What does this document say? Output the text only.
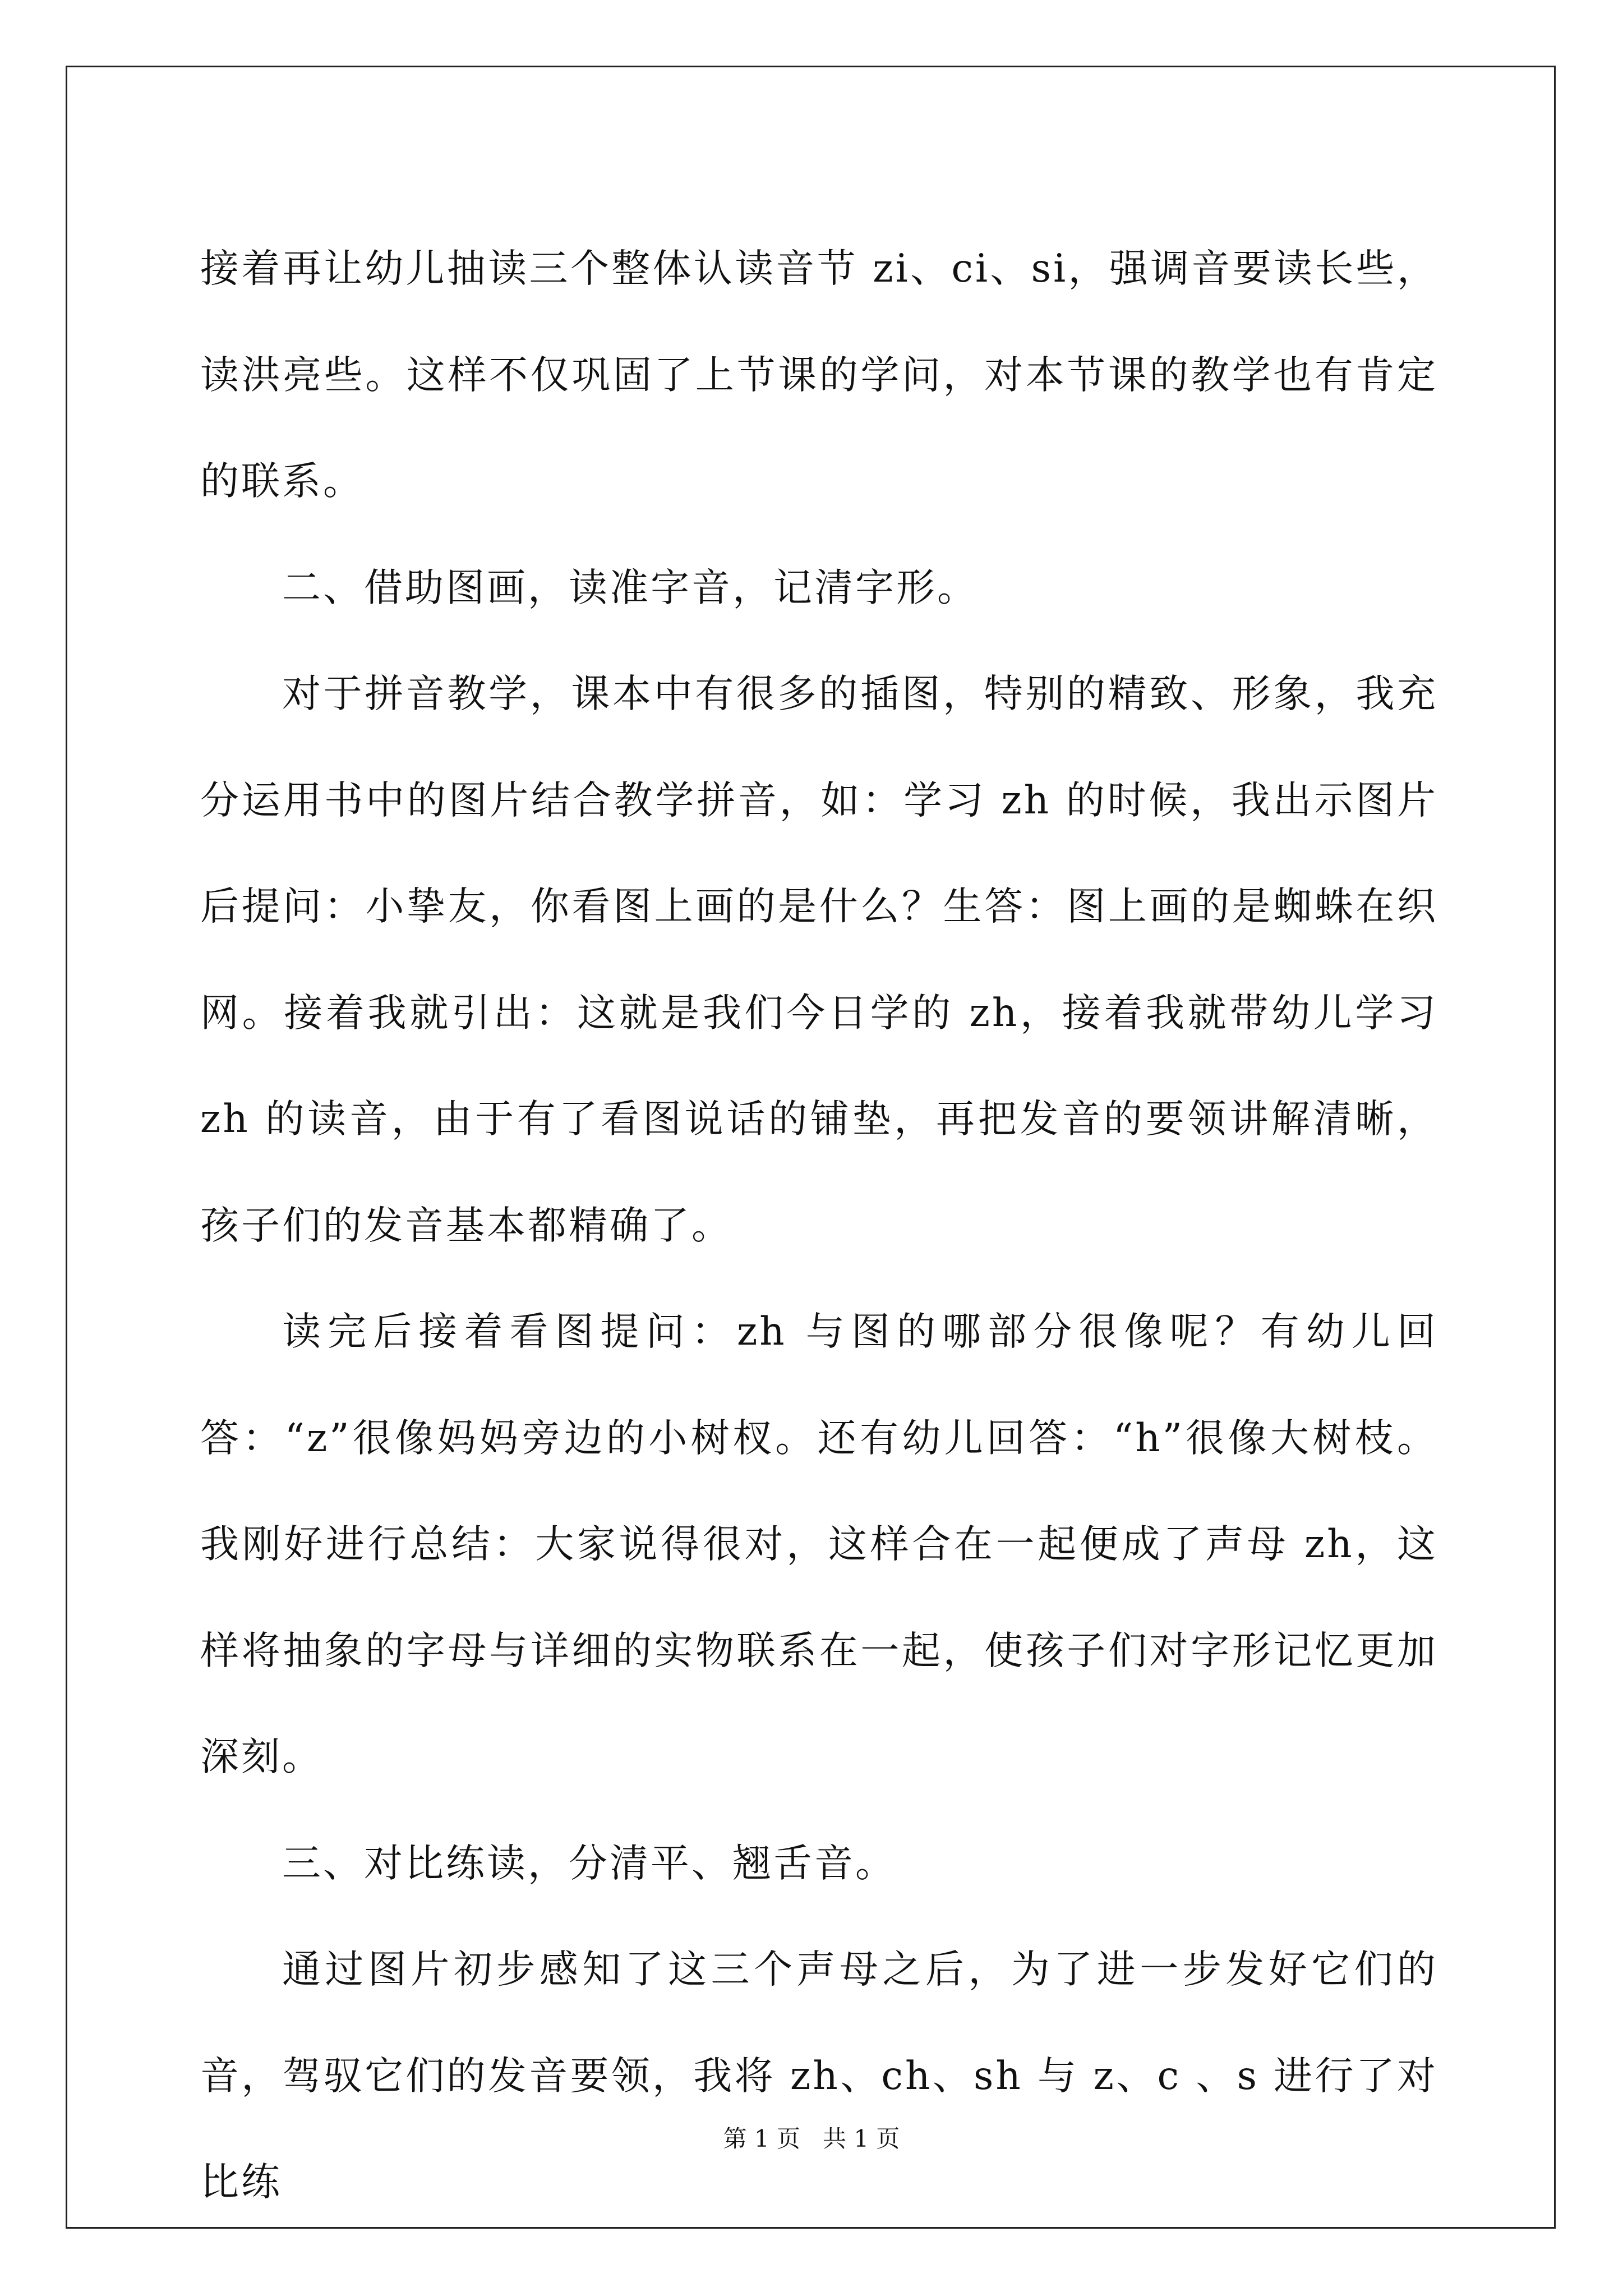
接着再让幼儿抽读三个整体认读音节 zi、ci、si，强调音要读长些，读洪亮些。这样不仅巩固了上节课的学问，对本节课的教学也有肯定的联系。

二、借助图画，读准字音，记清字形。

对于拼音教学，课本中有很多的插图，特别的精致、形象，我充分运用书中的图片结合教学拼音，如：学习 zh 的时候，我出示图片后提问：小挚友，你看图上画的是什么？生答：图上画的是蜘蛛在织网。接着我就引出：这就是我们今日学的 zh，接着我就带幼儿学习 zh 的读音，由于有了看图说话的铺垫，再把发音的要领讲解清晰，孩子们的发音基本都精确了。

读完后接着看图提问：zh 与图的哪部分很像呢？有幼儿回答：“z”很像妈妈旁边的小树杈。还有幼儿回答：“h”很像大树枝。我刚好进行总结：大家说得很对，这样合在一起便成了声母 zh，这样将抽象的字母与详细的实物联系在一起，使孩子们对字形记忆更加深刻。

三、对比练读，分清平、翘舌音。

通过图片初步感知了这三个声母之后，为了进一步发好它们的音，驾驭它们的发音要领，我将 zh、ch、sh 与 z、c 、s 进行了对比练

第 1 页 共 1 页
